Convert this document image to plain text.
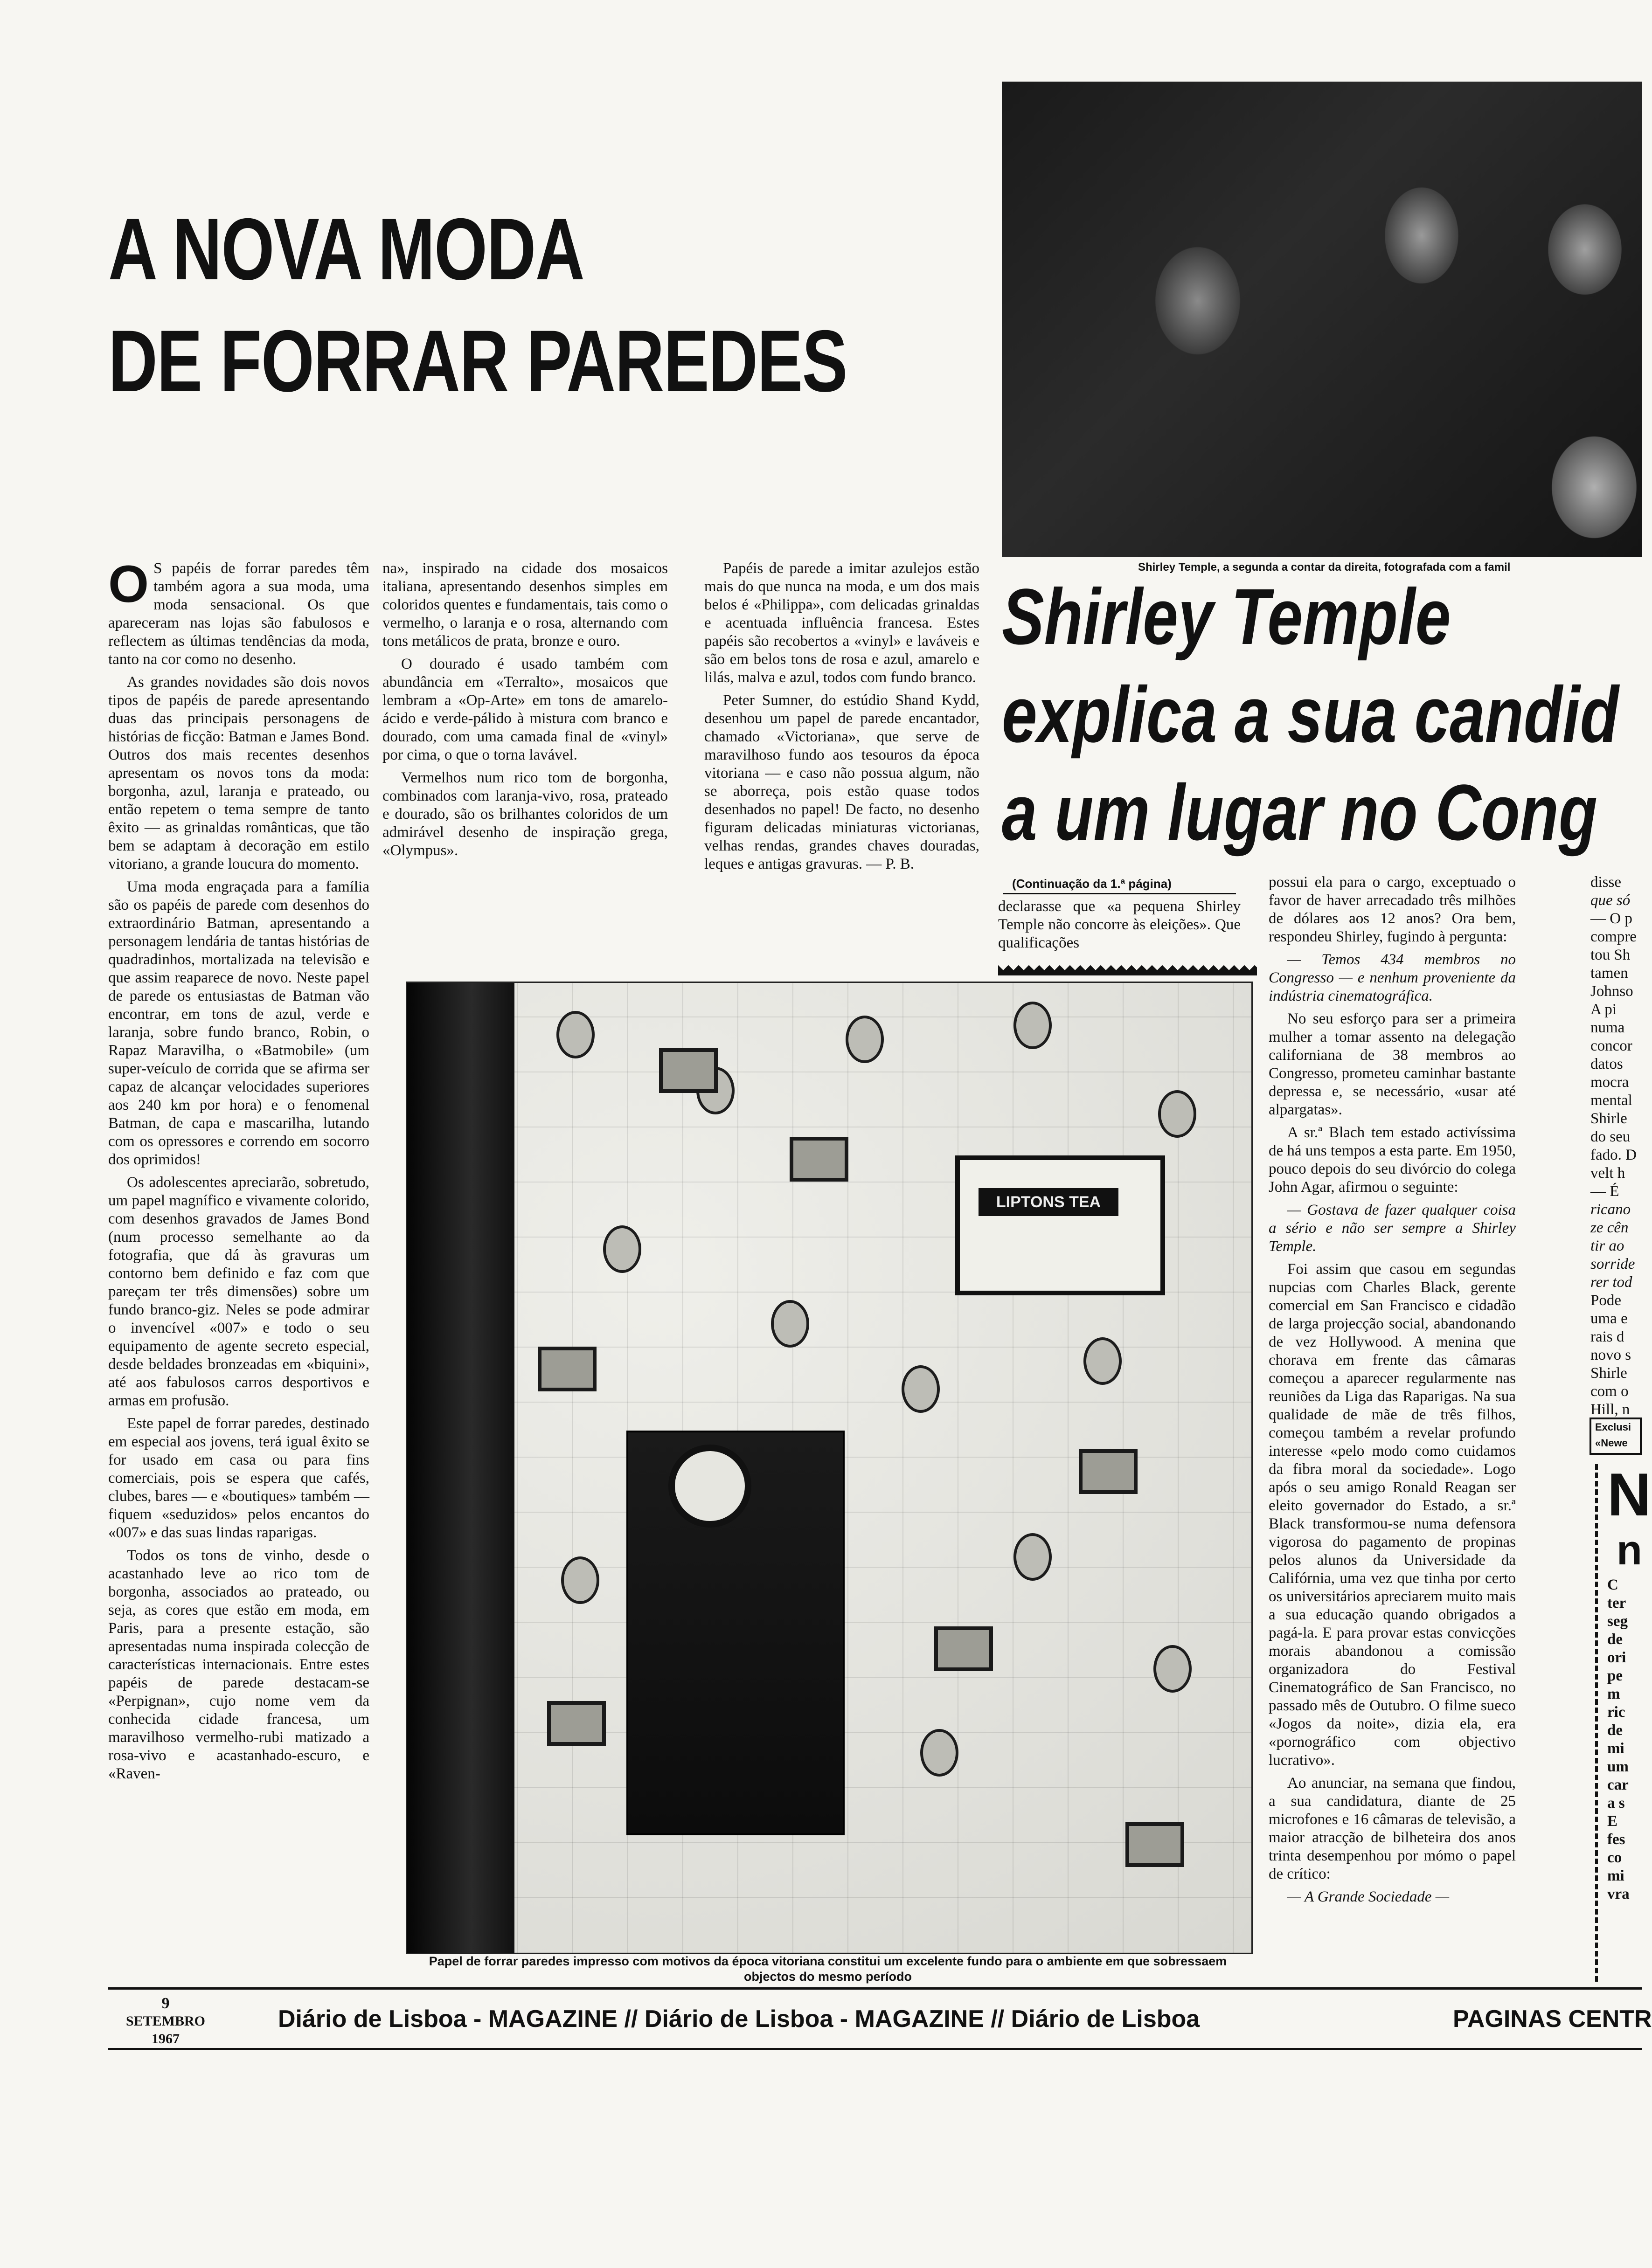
A NOVA MODA
DE FORRAR PAREDES

O S papéis de forrar paredes têm também agora a sua moda, uma moda sensacional. Os que apareceram nas lojas são fabulosos e reflectem as últimas tendências da moda, tanto na cor como no desenho.

As grandes novidades são dois novos tipos de papéis de parede apresentando duas das principais personagens de histórias de ficção: Batman e James Bond. Outros dos mais recentes desenhos apresentam os novos tons da moda: borgonha, azul, laranja e prateado, ou então repetem o tema sempre de tanto êxito — as grinaldas românticas, que tão bem se adaptam à decoração em estilo vitoriano, a grande loucura do momento.

Uma moda engraçada para a família são os papéis de parede com desenhos do extraordinário Batman, apresentando a personagem lendária de tantas histórias de quadradinhos, mortalizada na televisão e que assim reaparece de novo. Neste papel de parede os entusiastas de Batman vão encontrar, em tons de azul, verde e laranja, sobre fundo branco, Robin, o Rapaz Maravilha, o «Batmobile» (um super-veículo de corrida que se afirma ser capaz de alcançar velocidades superiores aos 240 km por hora) e o fenomenal Batman, de capa e mascarilha, lutando com os opressores e correndo em socorro dos oprimidos!

Os adolescentes apreciarão, sobretudo, um papel magnífico e vivamente colorido, com desenhos gravados de James Bond (num processo semelhante ao da fotografia, que dá às gravuras um contorno bem definido e faz com que pareçam ter três dimensões) sobre um fundo branco-giz. Neles se pode admirar o invencível «007» e todo o seu equipamento de agente secreto especial, desde beldades bronzeadas em «biquini», até aos fabulosos carros desportivos e armas em profusão.

Este papel de forrar paredes, destinado em especial aos jovens, terá igual êxito se for usado em casa ou para fins comerciais, pois se espera que cafés, clubes, bares — e «boutiques» também — fiquem «seduzidos» pelos encantos do «007» e das suas lindas raparigas.

Todos os tons de vinho, desde o acastanhado leve ao rico tom de borgonha, associados ao prateado, ou seja, as cores que estão em moda, em Paris, para a presente estação, são apresentadas numa inspirada colecção de características internacionais. Entre estes papéis de parede destacam-se «Perpignan», cujo nome vem da conhecida cidade francesa, um maravilhoso vermelho-rubi matizado a rosa-vivo e acastanhado-escuro, e «Raven-

na», inspirado na cidade dos mosaicos italiana, apresentando desenhos simples em coloridos quentes e fundamentais, tais como o vermelho, o laranja e o rosa, alternando com tons metálicos de prata, bronze e ouro.

O dourado é usado também com abundância em «Terralto», mosaicos que lembram a «Op-Arte» em tons de amarelo-ácido e verde-pálido à mistura com branco e dourado, com uma camada final de «vinyl» por cima, o que o torna lavável.

Vermelhos num rico tom de borgonha, combinados com laranja-vivo, rosa, prateado e dourado, são os brilhantes coloridos de um admirável desenho de inspiração grega, «Olympus».

Papéis de parede a imitar azulejos estão mais do que nunca na moda, e um dos mais belos é «Philippa», com delicadas grinaldas e acentuada influência francesa. Estes papéis são recobertos a «vinyl» e laváveis e são em belos tons de rosa e azul, amarelo e lilás, malva e azul, todos com fundo branco.

Peter Sumner, do estúdio Shand Kydd, desenhou um papel de parede encantador, chamado «Victoriana», que serve de maravilhoso fundo aos tesouros da época vitoriana — e caso não possua algum, não se aborreça, pois estão quase todos desenhados no papel! De facto, no desenho figuram delicadas miniaturas victorianas, velhas rendas, grandes chaves douradas, leques e antigas gravuras. — P. B.

LIPTONS TEA
Papel de forrar paredes impresso com motivos da época vitoriana constitui um excelente fundo para o ambiente em que sobressaem objectos do mesmo período
Shirley Temple, a segunda a contar da direita, fotografada com a famil
Shirley Temple
explica a sua candid
a um lugar no Cong
(Continuação da 1.ª página)

declarasse que «a pequena Shirley Temple não concorre às eleições». Que qualificações

possui ela para o cargo, exceptuado o favor de haver arrecadado três milhões de dólares aos 12 anos? Ora bem, respondeu Shirley, fugindo à pergunta:

— Temos 434 membros no Congresso — e nenhum proveniente da indústria cinematográfica.

No seu esforço para ser a primeira mulher a tomar assento na delegação californiana de 38 membros ao Congresso, prometeu caminhar bastante depressa e, se necessário, «usar até alpargatas».

A sr.ª Blach tem estado activíssima de há uns tempos a esta parte. Em 1950, pouco depois do seu divórcio do colega John Agar, afirmou o seguinte:

— Gostava de fazer qualquer coisa a sério e não ser sempre a Shirley Temple.

Foi assim que casou em segundas nupcias com Charles Black, gerente comercial em San Francisco e cidadão de larga projecção social, abandonando de vez Hollywood. A menina que chorava em frente das câmaras começou a aparecer regularmente nas reuniões da Liga das Raparigas. Na sua qualidade de mãe de três filhos, começou também a revelar profundo interesse «pelo modo como cuidamos da fibra moral da sociedade». Logo após o seu amigo Ronald Reagan ser eleito governador do Estado, a sr.ª Black transformou-se numa defensora vigorosa do pagamento de propinas pelos alunos da Universidade da Califórnia, uma vez que tinha por certo os universitários apreciarem muito mais a sua educação quando obrigados a pagá-la. E para provar estas convicções morais abandonou a comissão organizadora do Festival Cinematográfico de San Francisco, no passado mês de Outubro. O filme sueco «Jogos da noite», dizia ela, era «pornográfico com objectivo lucrativo».

Ao anunciar, na semana que findou, a sua candidatura, diante de 25 microfones e 16 câmaras de televisão, a maior atracção de bilheteira dos anos trinta desempenhou por mómo o papel de crítico:

— A Grande Sociedade —

disse
que só
— O p
compre
tou Sh
tamen
Johnso
A pi
numa
concor
datos
mocra
mental
Shirle
do seu
fado. D
velt h
— É
ricano
ze cên
tir ao
sorride
rer tod
Pode
uma e
rais d
novo s
Shirle
com o
Hill, n
Exclusi
«Newe
N
n
C
ter
seg
de
ori
pe
m
ric
de
mi
um
car
a s
E
fes
co
mi
vra
9
SETEMBRO
1967
Diário de Lisboa - MAGAZINE // Diário de Lisboa - MAGAZINE // Diário de Lisboa	PAGINAS CENTR
